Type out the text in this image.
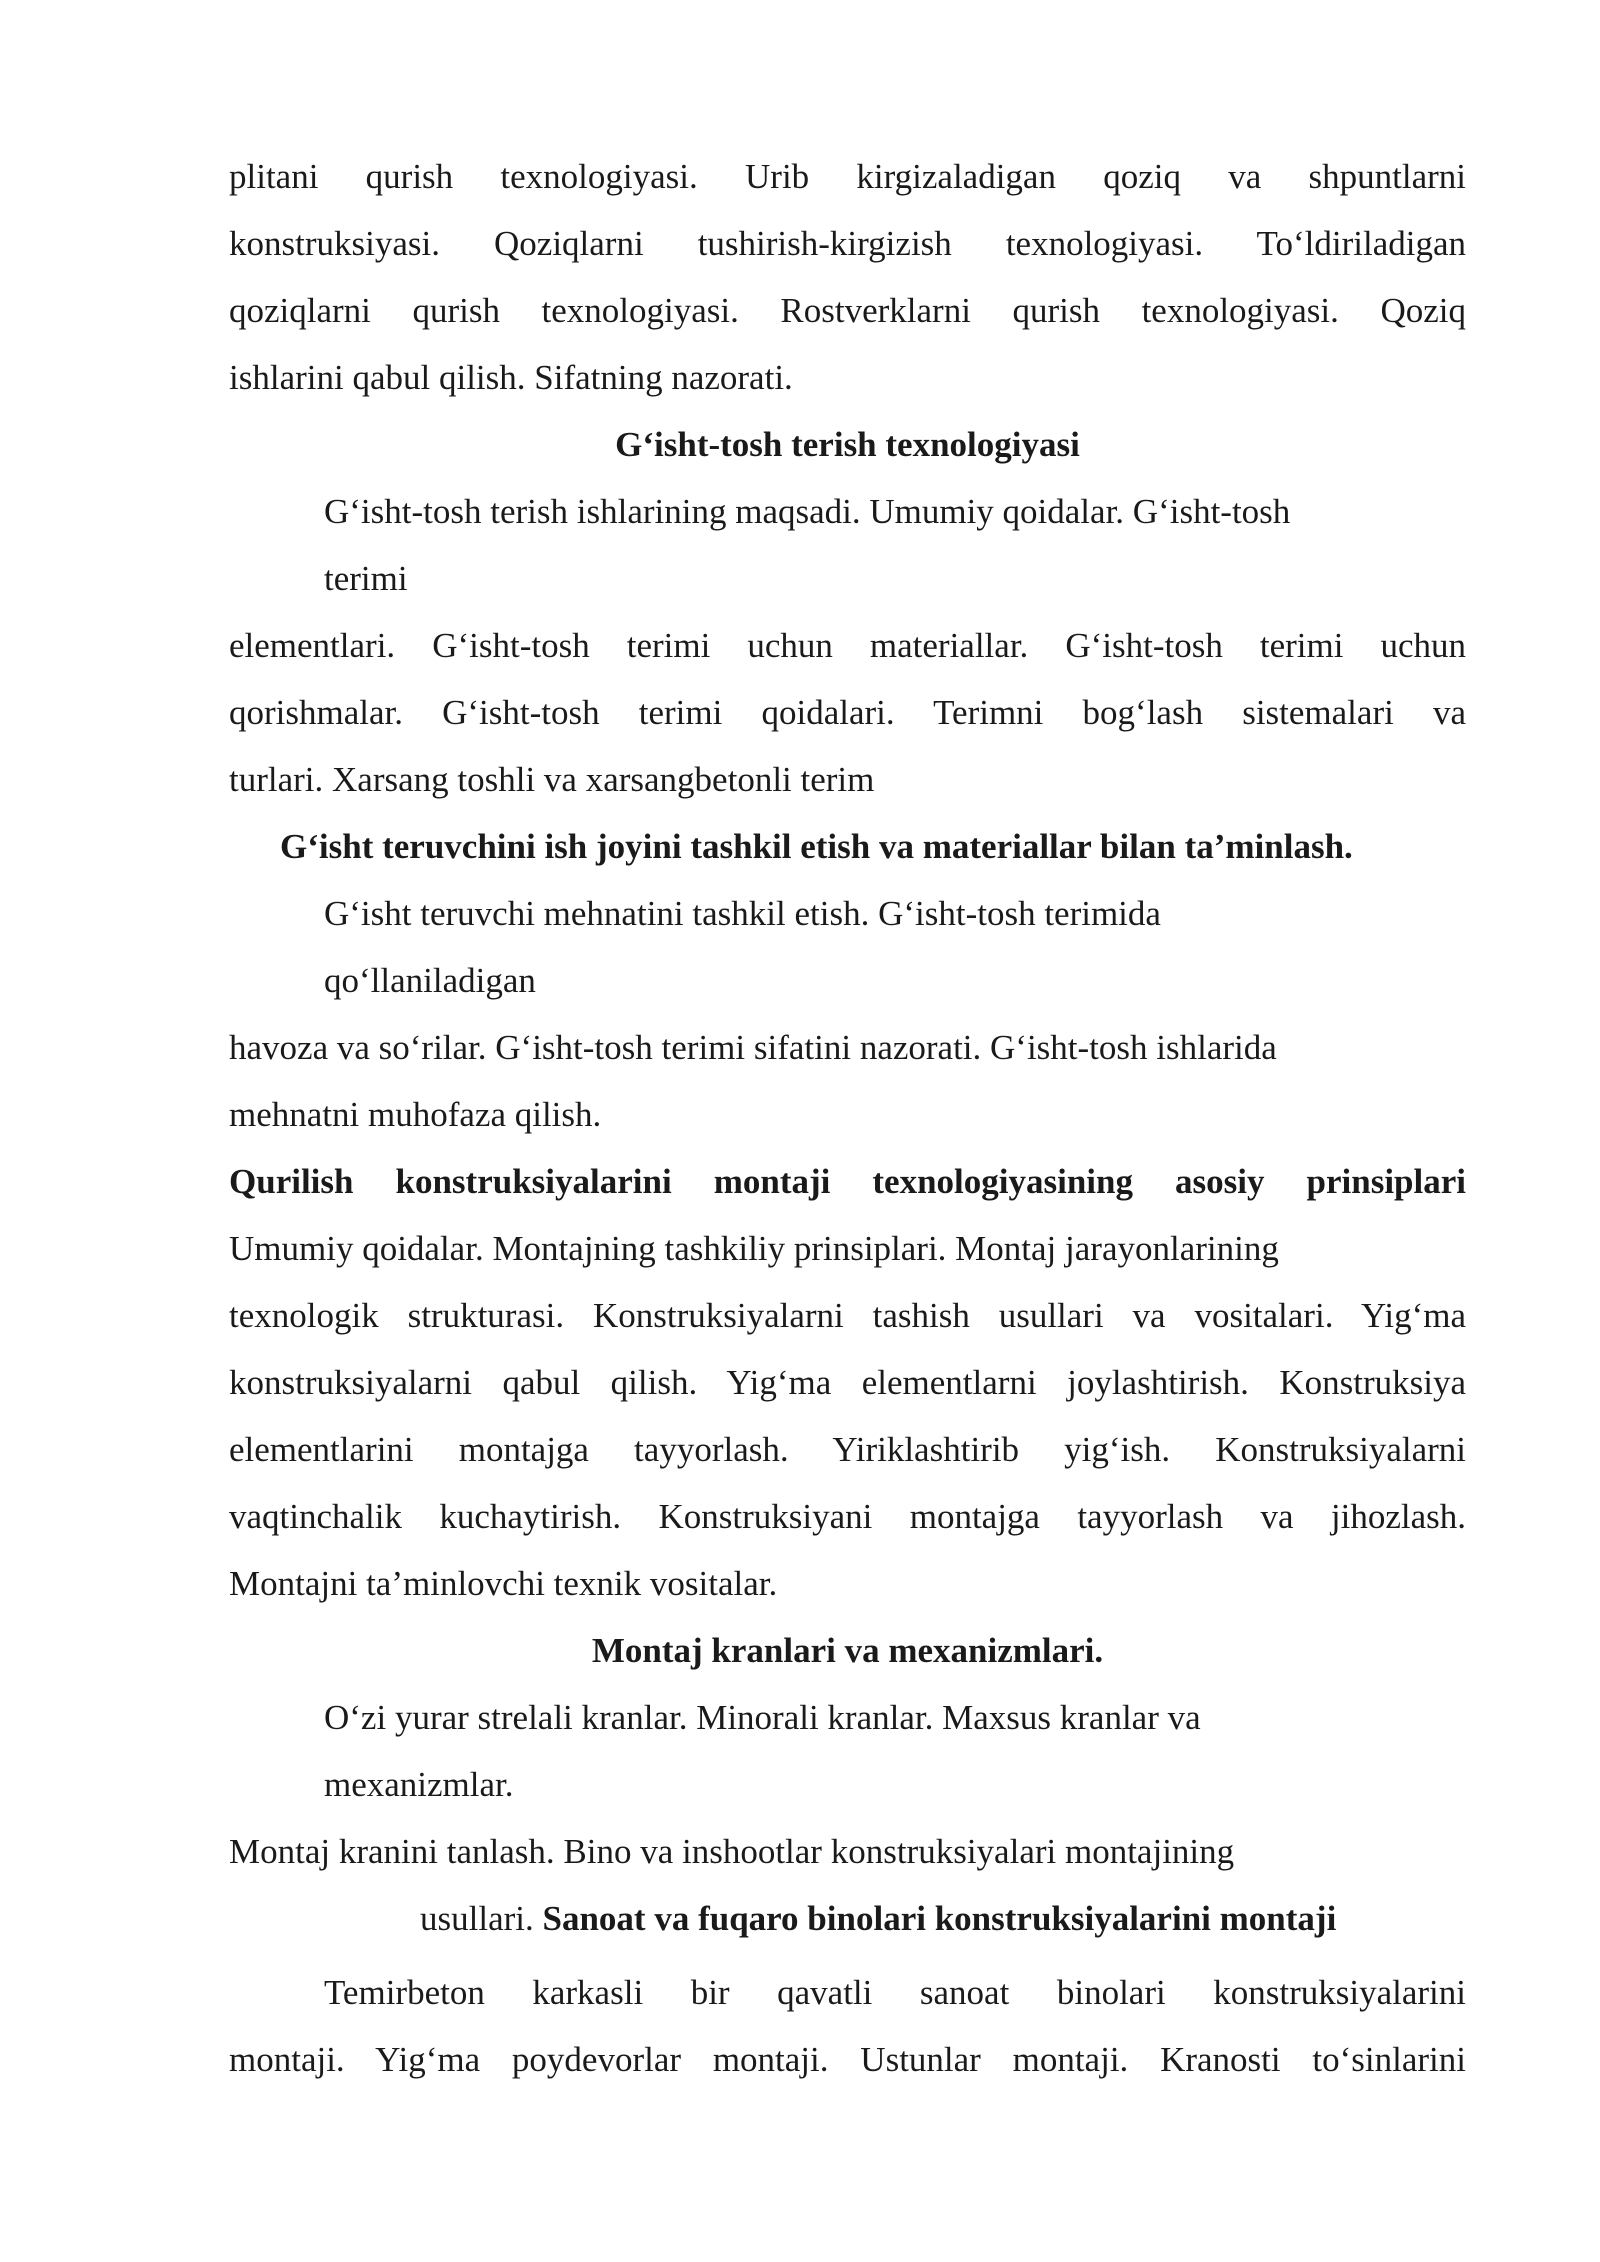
plitani qurish texnologiyasi. Urib kirgizaladigan qoziq va shpuntlarni
konstruksiyasi. Qoziqlarni tushirish-kirgizish texnologiyasi. To‘ldiriladigan
qoziqlarni qurish texnologiyasi. Rostverklarni qurish texnologiyasi. Qoziq
ishlarini qabul qilish. Sifatning nazorati.
G‘isht-tosh terish texnologiyasi
G‘isht-tosh terish ishlarining maqsadi. Umumiy qoidalar. G‘isht-tosh
terimi
elementlari. G‘isht-tosh terimi uchun materiallar. G‘isht-tosh terimi uchun
qorishmalar. G‘isht-tosh terimi qoidalari. Terimni bog‘lash sistemalari va
turlari. Xarsang toshli va xarsangbetonli terim
G‘isht teruvchini ish joyini tashkil etish va materiallar bilan ta’minlash.
G‘isht teruvchi mehnatini tashkil etish. G‘isht-tosh terimida
qo‘llaniladigan
havoza va so‘rilar. G‘isht-tosh terimi sifatini nazorati. G‘isht-tosh ishlarida
mehnatni muhofaza qilish.
Qurilish konstruksiyalarini montaji texnologiyasining asosiy prinsiplari
Umumiy qoidalar. Montajning tashkiliy prinsiplari. Montaj jarayonlarining
texnologik strukturasi. Konstruksiyalarni tashish usullari va vositalari. Yig‘ma
konstruksiyalarni qabul qilish. Yig‘ma elementlarni joylashtirish. Konstruksiya
elementlarini montajga tayyorlash. Yiriklashtirib yig‘ish. Konstruksiyalarni
vaqtinchalik kuchaytirish. Konstruksiyani montajga tayyorlash va jihozlash.
Montajni ta’minlovchi texnik vositalar.
Montaj kranlari va mexanizmlari.
O‘zi yurar strelali kranlar. Minorali kranlar. Maxsus kranlar va
mexanizmlar.
Montaj kranini tanlash. Bino va inshootlar konstruksiyalari montajining
usullari. Sanoat va fuqaro binolari konstruksiyalarini montaji
Temirbeton karkasli bir qavatli sanoat binolari konstruksiyalarini
montaji. Yig‘ma poydevorlar montaji. Ustunlar montaji. Kranosti to‘sinlarini
